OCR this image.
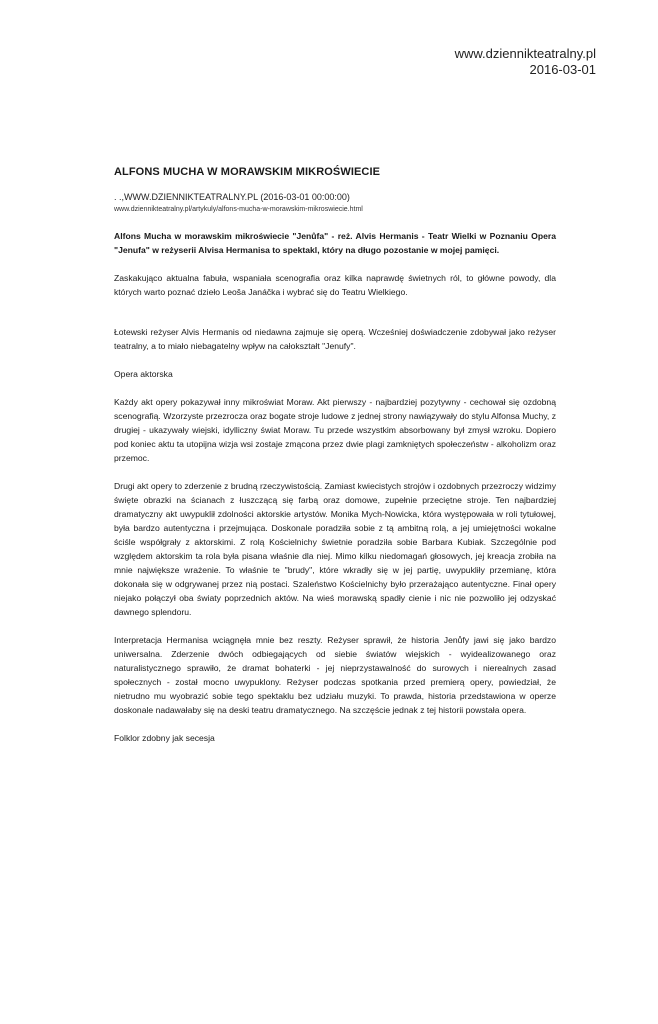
www.dziennikteatralny.pl
2016-03-01
ALFONS MUCHA W MORAWSKIM MIKROŚWIECIE
. .,WWW.DZIENNIKTEATRALNY.PL (2016-03-01 00:00:00)
www.dziennikteatralny.pl/artykuly/alfons-mucha-w-morawskim-mikroswiecie.html
Alfons Mucha w morawskim mikroświecie "Jenůfa" - reż. Alvis Hermanis - Teatr Wielki w Poznaniu Opera "Jenufa" w reżyserii Alvisa Hermanisa to spektakl, który na długo pozostanie w mojej pamięci.
Zaskakująco aktualna fabuła, wspaniała scenografia oraz kilka naprawdę świetnych ról, to główne powody, dla których warto poznać dzieło Leoša Janáčka i wybrać się do Teatru Wielkiego.
Łotewski reżyser Alvis Hermanis od niedawna zajmuje się operą. Wcześniej doświadczenie zdobywał jako reżyser teatralny, a to miało niebagatelny wpływ na całokształt "Jenufy".
Opera aktorska
Każdy akt opery pokazywał inny mikroświat Moraw. Akt pierwszy - najbardziej pozytywny - cechował się ozdobną scenografią. Wzorzyste przezrocza oraz bogate stroje ludowe z jednej strony nawiązywały do stylu Alfonsa Muchy, z drugiej - ukazywały wiejski, idylliczny świat Moraw. Tu przede wszystkim absorbowany był zmysł wzroku. Dopiero pod koniec aktu ta utopijna wizja wsi zostaje zmącona przez dwie plagi zamkniętych społeczeństw - alkoholizm oraz przemoc.
Drugi akt opery to zderzenie z brudną rzeczywistością. Zamiast kwiecistych strojów i ozdobnych przezroczy widzimy święte obrazki na ścianach z łuszczącą się farbą oraz domowe, zupełnie przeciętne stroje. Ten najbardziej dramatyczny akt uwypuklił zdolności aktorskie artystów. Monika Mych-Nowicka, która występowała w roli tytułowej, była bardzo autentyczna i przejmująca. Doskonale poradziła sobie z tą ambitną rolą, a jej umiejętności wokalne ściśle współgrały z aktorskimi. Z rolą Kościelnichy świetnie poradziła sobie Barbara Kubiak. Szczególnie pod względem aktorskim ta rola była pisana właśnie dla niej. Mimo kilku niedomagań głosowych, jej kreacja zrobiła na mnie największe wrażenie. To właśnie te "brudy", które wkradły się w jej partię, uwypukliły przemianę, która dokonała się w odgrywanej przez nią postaci. Szaleństwo Kościelnichy było przerażająco autentyczne. Finał opery niejako połączył oba światy poprzednich aktów. Na wieś morawską spadły cienie i nic nie pozwoliło jej odzyskać dawnego splendoru.
Interpretacja Hermanisa wciągnęła mnie bez reszty. Reżyser sprawił, że historia Jenůfy jawi się jako bardzo uniwersalna. Zderzenie dwóch odbiegających od siebie światów wiejskich - wyidealizowanego oraz naturalistycznego sprawiło, że dramat bohaterki - jej nieprzystawalność do surowych i nierealnych zasad społecznych - został mocno uwypuklony. Reżyser podczas spotkania przed premierą opery, powiedział, że nietrudno mu wyobrazić sobie tego spektaklu bez udziału muzyki. To prawda, historia przedstawiona w operze doskonale nadawałaby się na deski teatru dramatycznego. Na szczęście jednak z tej historii powstała opera.
Folklor zdobny jak secesja
